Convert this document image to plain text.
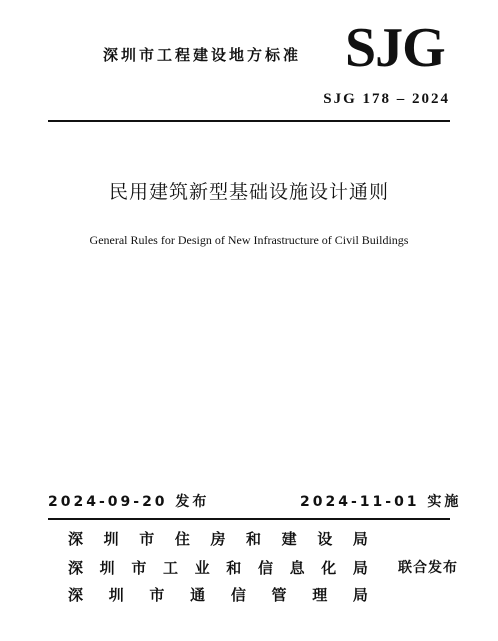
深圳市工程建设地方标准 SJG
SJG 178 – 2024
民用建筑新型基础设施设计通则
General Rules for Design of New Infrastructure of Civil Buildings
2024-09-20 发布	2024-11-01 实施
深 圳 市 住 房 和 建 设 局
深 圳 市 工 业 和 信 息 化 局
深 圳 市 通 信 管 理 局
联合发布
